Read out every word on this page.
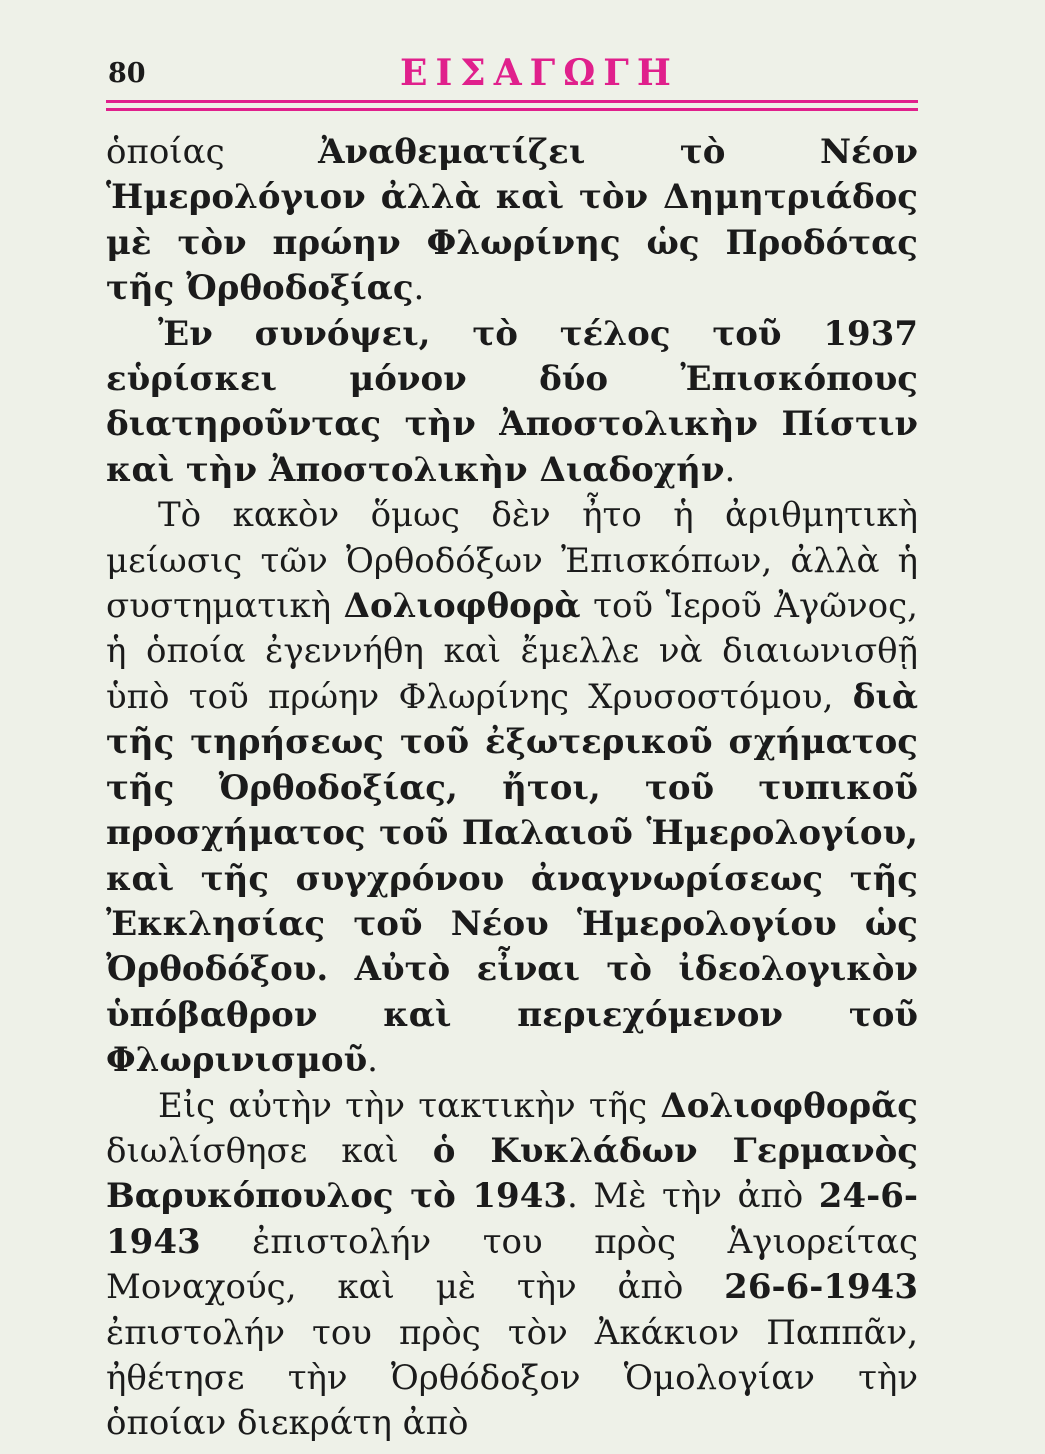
80	ΕΙΣΑΓΩΓΗ

ὁποίας Ἀναθεματίζει τὸ Νέον Ἡμερολόγιον ἀλλὰ καὶ τὸν Δημητριάδος μὲ τὸν πρώην Φλωρίνης ὡς Προδότας τῆς Ὀρθοδοξίας.

Ἐν συνόψει, τὸ τέλος τοῦ 1937 εὑρίσκει μόνον δύο Ἐπισκόπους διατηροῦντας τὴν Ἀποστολικὴν Πίστιν καὶ τὴν Ἀποστολικὴν Διαδοχήν.

Τὸ κακὸν ὅμως δὲν ἦτο ἡ ἀριθμητικὴ μείωσις τῶν Ὀρθοδόξων Ἐπισκόπων, ἀλλὰ ἡ συστηματικὴ Δολιοφθορὰ τοῦ Ἱεροῦ Ἀγῶνος, ἡ ὁποία ἐγεννήθη καὶ ἔμελλε νὰ διαιωνισθῇ ὑπὸ τοῦ πρώην Φλωρίνης Χρυσοστόμου, διὰ τῆς τηρήσεως τοῦ ἐξωτερικοῦ σχήματος τῆς Ὀρθοδοξίας, ἤτοι, τοῦ τυπικοῦ προσχήματος τοῦ Παλαιοῦ Ἡμερολογίου, καὶ τῆς συγχρόνου ἀναγνωρίσεως τῆς Ἐκκλησίας τοῦ Νέου Ἡμερολογίου ὡς Ὀρθοδόξου. Αὐτὸ εἶναι τὸ ἰδεολογικὸν ὑπόβαθρον καὶ περιεχόμενον τοῦ Φλωρινισμοῦ.

Εἰς αὐτὴν τὴν τακτικὴν τῆς Δολιοφθορᾶς διωλίσθησε καὶ ὁ Κυκλάδων Γερμανὸς Βαρυκόπουλος τὸ 1943. Μὲ τὴν ἀπὸ 24-6-1943 ἐπιστολήν του πρὸς Ἁγιορείτας Μοναχούς, καὶ μὲ τὴν ἀπὸ 26-6-1943 ἐπιστολήν του πρὸς τὸν Ἀκάκιον Παππᾶν, ἠθέτησε τὴν Ὀρθόδοξον Ὁμολογίαν τὴν ὁποίαν διεκράτη ἀπὸ
